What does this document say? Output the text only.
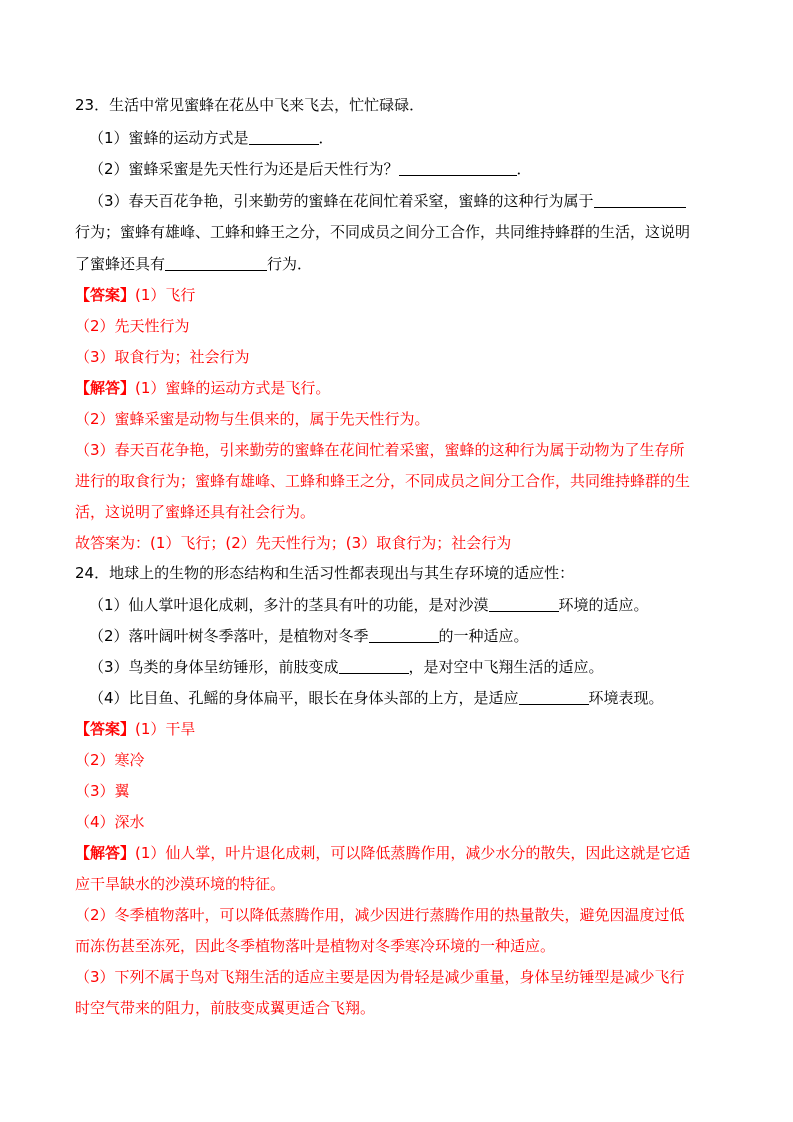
23．生活中常见蜜蜂在花丛中飞来飞去，忙忙碌碌．
（1）蜜蜂的运动方式是	．
（2）蜜蜂采蜜是先天性行为还是后天性行为？	．
（3）春天百花争艳，引来勤劳的蜜蜂在花间忙着采窒，蜜蜂的这种行为属于
行为；蜜蜂有雄峰、工蜂和蜂王之分，不同成员之间分工合作，共同维持蜂群的生活，这说明
了蜜蜂还具有	行为．
【答案】(1）飞行
（2）先天性行为
（3）取食行为；社会行为
【解答】(1）蜜蜂的运动方式是飞行。
（2）蜜蜂采蜜是动物与生俱来的，属于先天性行为。
（3）春天百花争艳，引来勤劳的蜜蜂在花间忙着采蜜，蜜蜂的这种行为属于动物为了生存所
进行的取食行为；蜜蜂有雄峰、工蜂和蜂王之分，不同成员之间分工合作，共同维持蜂群的生
活，这说明了蜜蜂还具有社会行为。
故答案为：(1）飞行；(2）先天性行为；(3）取食行为；社会行为
24．地球上的生物的形态结构和生活习性都表现出与其生存环境的适应性：
（1）仙人掌叶退化成刺，多汁的茎具有叶的功能，是对沙漠	环境的适应。
（2）落叶阔叶树冬季落叶，是植物对冬季	的一种适应。
（3）鸟类的身体呈纺锤形，前肢变成	，是对空中飞翔生活的适应。
（4）比目鱼、孔鳐的身体扁平，眼长在身体头部的上方，是适应	环境表现。
【答案】(1）干旱
（2）寒冷
（3）翼
（4）深水
【解答】(1）仙人掌，叶片退化成刺，可以降低蒸腾作用，减少水分的散失，因此这就是它适
应干旱缺水的沙漠环境的特征。
（2）冬季植物落叶，可以降低蒸腾作用，减少因进行蒸腾作用的热量散失，避免因温度过低
而冻伤甚至冻死，因此冬季植物落叶是植物对冬季寒冷环境的一种适应。
（3）下列不属于鸟对飞翔生活的适应主要是因为骨轻是减少重量，身体呈纺锤型是减少飞行
时空气带来的阻力，前肢变成翼更适合飞翔。
